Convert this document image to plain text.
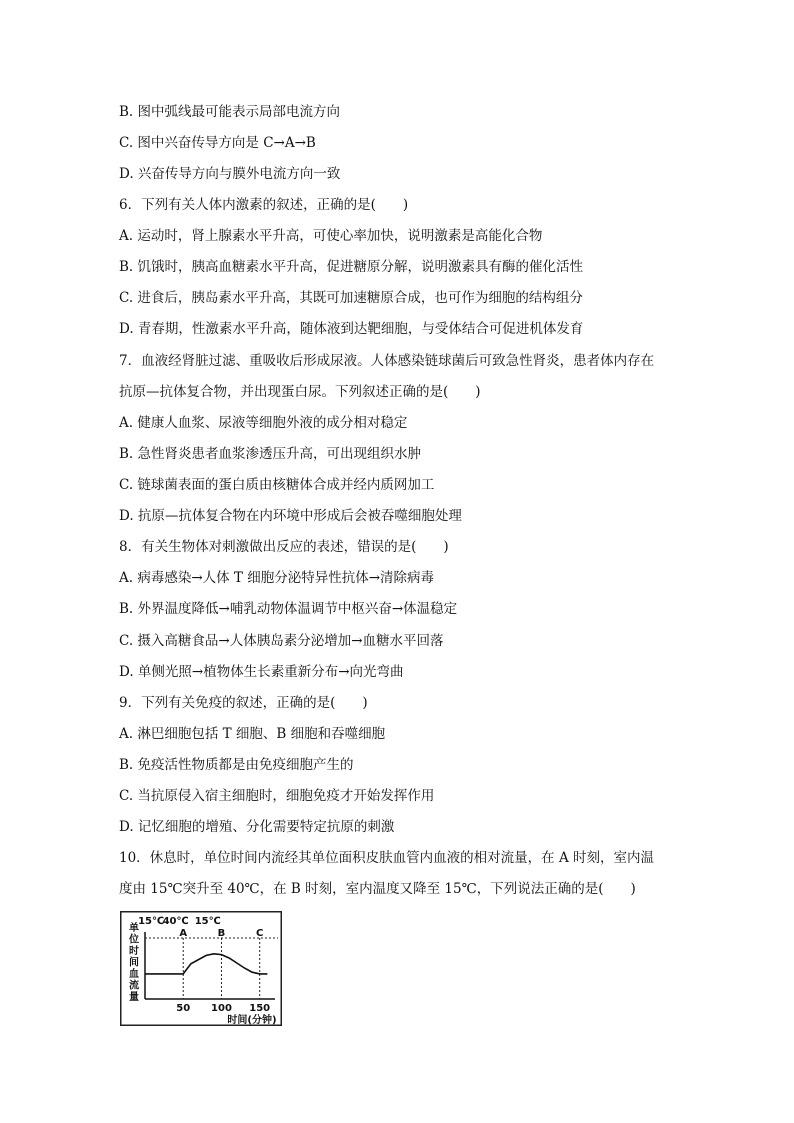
B. 图中弧线最可能表示局部电流方向
C. 图中兴奋传导方向是 C→A→B
D. 兴奋传导方向与膜外电流方向一致
6．下列有关人体内激素的叙述，正确的是(　　)
A. 运动时，肾上腺素水平升高，可使心率加快，说明激素是高能化合物
B. 饥饿时，胰高血糖素水平升高，促进糖原分解，说明激素具有酶的催化活性
C. 进食后，胰岛素水平升高，其既可加速糖原合成，也可作为细胞的结构组分
D. 青春期，性激素水平升高，随体液到达靶细胞，与受体结合可促进机体发育
7．血液经肾脏过滤、重吸收后形成尿液。人体感染链球菌后可致急性肾炎，患者体内存在
抗原—抗体复合物，并出现蛋白尿。下列叙述正确的是(　　)
A. 健康人血浆、尿液等细胞外液的成分相对稳定
B. 急性肾炎患者血浆渗透压升高，可出现组织水肿
C. 链球菌表面的蛋白质由核糖体合成并经内质网加工
D. 抗原—抗体复合物在内环境中形成后会被吞噬细胞处理
8．有关生物体对刺激做出反应的表述，错误的是(　　)
A. 病毒感染→人体 T 细胞分泌特异性抗体→清除病毒
B. 外界温度降低→哺乳动物体温调节中枢兴奋→体温稳定
C. 摄入高糖食品→人体胰岛素分泌增加→血糖水平回落
D. 单侧光照→植物体生长素重新分布→向光弯曲
9．下列有关免疫的叙述，正确的是(　　)
A. 淋巴细胞包括 T 细胞、B 细胞和吞噬细胞
B. 免疫活性物质都是由免疫细胞产生的
C. 当抗原侵入宿主细胞时，细胞免疫才开始发挥作用
D. 记忆细胞的增殖、分化需要特定抗原的刺激
10．休息时，单位时间内流经其单位面积皮肤血管内血液的相对流量，在 A 时刻，室内温
度由 15℃突升至 40℃，在 B 时刻，室内温度又降至 15℃，下列说法正确的是(　　)
单位时间血流量
15℃
40℃ 15℃
A	B	C
50 100 150
时间(分钟)
